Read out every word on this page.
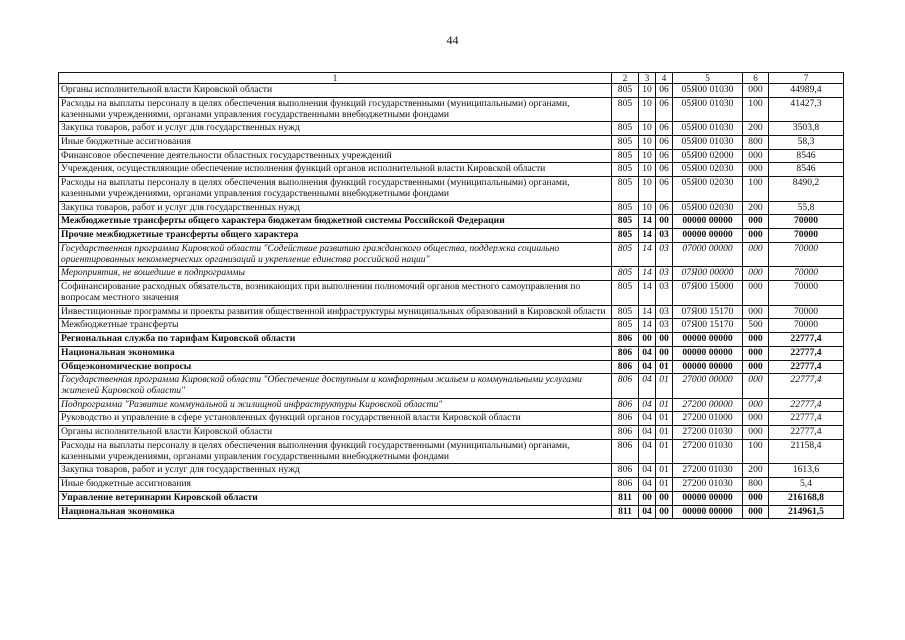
44
1	2	3	4	5	6	7
Органы исполнительной власти Кировской области	805	10	06	05Я00 01030	000	44989,4
Расходы на выплаты персоналу в целях обеспечения выполнения функций государственными (муниципальными) органами, казенными учреждениями, органами управления государственными внебюджетными фондами	805	10	06	05Я00 01030	100	41427,3
Закупка товаров, работ и услуг для государственных нужд	805	10	06	05Я00 01030	200	3503,8
Иные бюджетные ассигнования	805	10	06	05Я00 01030	800	58,3
Финансовое обеспечение деятельности областных государственных учреждений	805	10	06	05Я00 02000	000	8546
Учреждения, осуществляющие обеспечение исполнения функций органов исполнительной власти Кировской области	805	10	06	05Я00 02030	000	8546
Расходы на выплаты персоналу в целях обеспечения выполнения функций государственными (муниципальными) органами, казенными учреждениями, органами управления государственными внебюджетными фондами	805	10	06	05Я00 02030	100	8490,2
Закупка товаров, работ и услуг для государственных нужд	805	10	06	05Я00 02030	200	55,8
Межбюджетные трансферты общего характера бюджетам бюджетной системы Российской Федерации	805	14	00	00000 00000	000	70000
Прочие межбюджетные трансферты общего характера	805	14	03	00000 00000	000	70000
Государственная программа Кировской области "Содействие развитию гражданского общества, поддержка социально ориентированных некоммерческих организаций и укрепление единства российской нации"	805	14	03	07000 00000	000	70000
Мероприятия, не вошедшие в подпрограммы	805	14	03	07Я00 00000	000	70000
Софинансирование расходных обязательств, возникающих при выполнении полномочий органов местного самоуправления по вопросам местного значения	805	14	03	07Я00 15000	000	70000
Инвестиционные программы и проекты развития общественной инфраструктуры муниципальных образований в Кировской области	805	14	03	07Я00 15170	000	70000
Межбюджетные трансферты	805	14	03	07Я00 15170	500	70000
Региональная служба по тарифам Кировской области	806	00	00	00000 00000	000	22777,4
Национальная экономика	806	04	00	00000 00000	000	22777,4
Общеэкономические вопросы	806	04	01	00000 00000	000	22777,4
Государственная программа Кировской области "Обеспечение доступным и комфортным жильем и коммунальными услугами жителей Кировской области"	806	04	01	27000 00000	000	22777,4
Подпрограмма "Развитие коммунальной и жилищной инфраструктуры Кировской области"	806	04	01	27200 00000	000	22777,4
Руководство и управление в сфере установленных функций органов государственной власти Кировской области	806	04	01	27200 01000	000	22777,4
Органы исполнительной власти Кировской области	806	04	01	27200 01030	000	22777,4
Расходы на выплаты персоналу в целях обеспечения выполнения функций государственными (муниципальными) органами, казенными учреждениями, органами управления государственными внебюджетными фондами	806	04	01	27200 01030	100	21158,4
Закупка товаров, работ и услуг для государственных нужд	806	04	01	27200 01030	200	1613,6
Иные бюджетные ассигнования	806	04	01	27200 01030	800	5,4
Управление ветеринарии Кировской области	811	00	00	00000 00000	000	216168,8
Национальная экономика	811	04	00	00000 00000	000	214961,5
